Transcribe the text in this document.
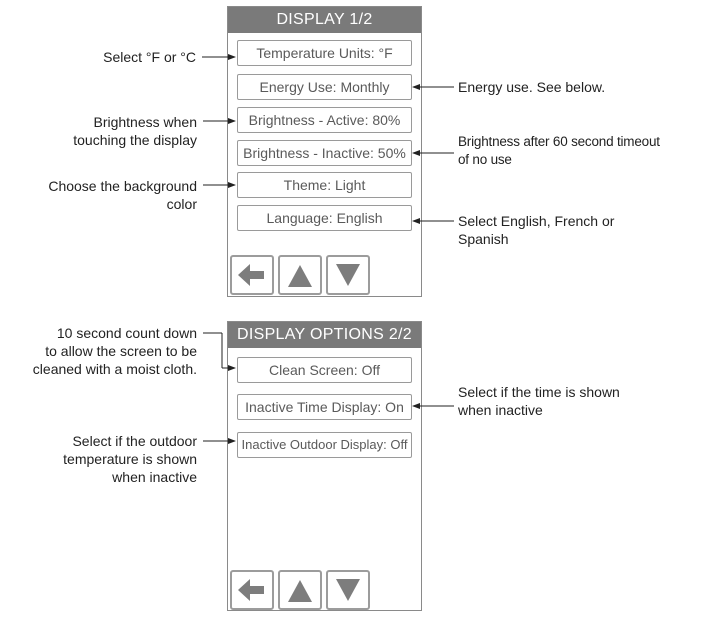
DISPLAY 1/2
Temperature Units: °F
Energy Use: Monthly
Brightness - Active: 80%
Brightness - Inactive: 50%
Theme: Light
Language: English
DISPLAY OPTIONS 2/2
Clean Screen: Off
Inactive Time Display: On
Inactive Outdoor Display: Off
Select °F or °C
Brightness when
touching the display
Choose the background
color
10 second count down
to allow the screen to be
cleaned with a moist cloth.
Select if the outdoor
temperature is shown
when inactive
Energy use. See below.
Brightness after 60 second timeout
of no use
Select English, French or
Spanish
Select if the time is shown
when inactive
